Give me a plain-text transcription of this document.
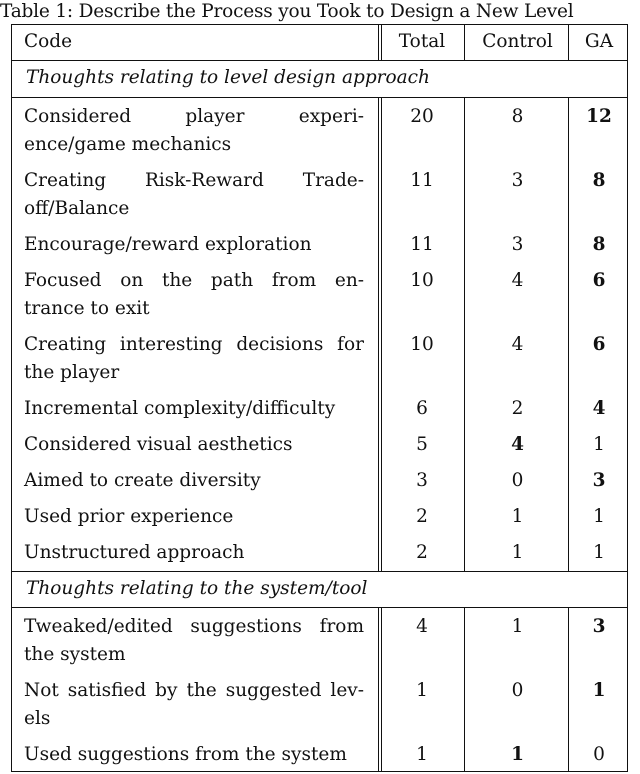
Table 1: Describe the Process you Took to Design a New Level
Code	Total	Control	GA
Thoughts relating to level design approach
Considered player experi-
ence/game mechanics
20	8	12
Creating Risk-Reward Trade-
off/Balance
11	3	8
Encourage/reward exploration	11	3	8
Focused on the path from en-
trance to exit
10	4	6
Creating interesting decisions for
the player
10	4	6
Incremental complexity/difficulty	6	2	4
Considered visual aesthetics	5	4	1
Aimed to create diversity	3	0	3
Used prior experience	2	1	1
Unstructured approach	2	1	1
Thoughts relating to the system/tool
Tweaked/edited suggestions from
the system
4	1	3
Not satisfied by the suggested lev-
els
1	0	1
Used suggestions from the system	1	1	0
